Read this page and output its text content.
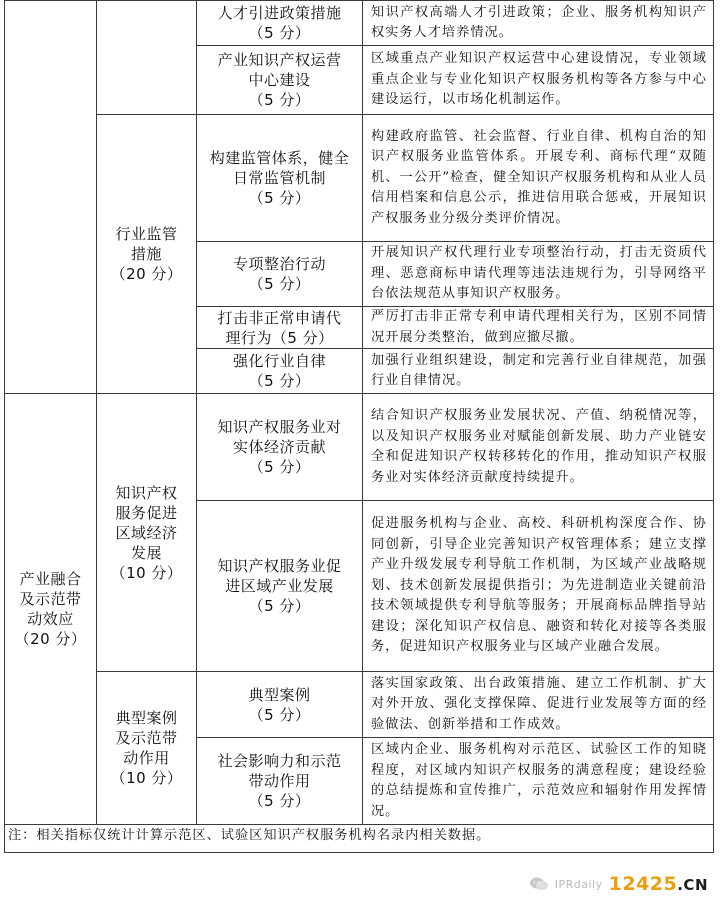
人才引进政策措施
（5 分）
知识产权高端人才引进政策；企业、服务机构知识产权实务人才培养情况。
产业知识产权运营
中心建设
（5 分）
区域重点产业知识产权运营中心建设情况，专业领域重点企业与专业化知识产权服务机构等各方参与中心建设运行，以市场化机制运作。
行业监管
措施
（20 分）
构建监管体系，健全
日常监管机制
（5 分）
构建政府监管、社会监督、行业自律、机构自治的知识产权服务业监管体系。开展专利、商标代理“双随机、一公开”检查，健全知识产权服务机构和从业人员信用档案和信息公示，推进信用联合惩戒，开展知识产权服务业分级分类评价情况。
专项整治行动
（5 分）
开展知识产权代理行业专项整治行动，打击无资质代理、恶意商标申请代理等违法违规行为，引导网络平台依法规范从事知识产权服务。
打击非正常申请代
理行为（5 分）
严厉打击非正常专利申请代理相关行为，区别不同情况开展分类整治，做到应撤尽撤。
强化行业自律
（5 分）
加强行业组织建设，制定和完善行业自律规范，加强行业自律情况。
产业融合
及示范带
动效应
（20 分）
知识产权
服务促进
区域经济
发展
（10 分）
知识产权服务业对
实体经济贡献
（5 分）
结合知识产权服务业发展状况、产值、纳税情况等，以及知识产权服务业对赋能创新发展、助力产业链安全和促进知识产权转移转化的作用，推动知识产权服务业对实体经济贡献度持续提升。
知识产权服务业促
进区域产业发展
（5 分）
促进服务机构与企业、高校、科研机构深度合作、协同创新，引导企业完善知识产权管理体系；建立支撑产业升级发展专利导航工作机制，为区域产业战略规划、技术创新发展提供指引；为先进制造业关键前沿技术领域提供专利导航等服务；开展商标品牌指导站建设；深化知识产权信息、融资和转化对接等各类服务，促进知识产权服务业与区域产业融合发展。
典型案例
及示范带
动作用
（10 分）
典型案例
（5 分）
落实国家政策、出台政策措施、建立工作机制、扩大对外开放、强化支撑保障、促进行业发展等方面的经验做法、创新举措和工作成效。
社会影响力和示范
带动作用
（5 分）
区域内企业、服务机构对示范区、试验区工作的知晓程度，对区域内知识产权服务的满意程度；建设经验的总结提炼和宣传推广，示范效应和辐射作用发挥情况。
注：相关指标仅统计计算示范区、试验区知识产权服务机构名录内相关数据。
IPRdaily 12425.CN
